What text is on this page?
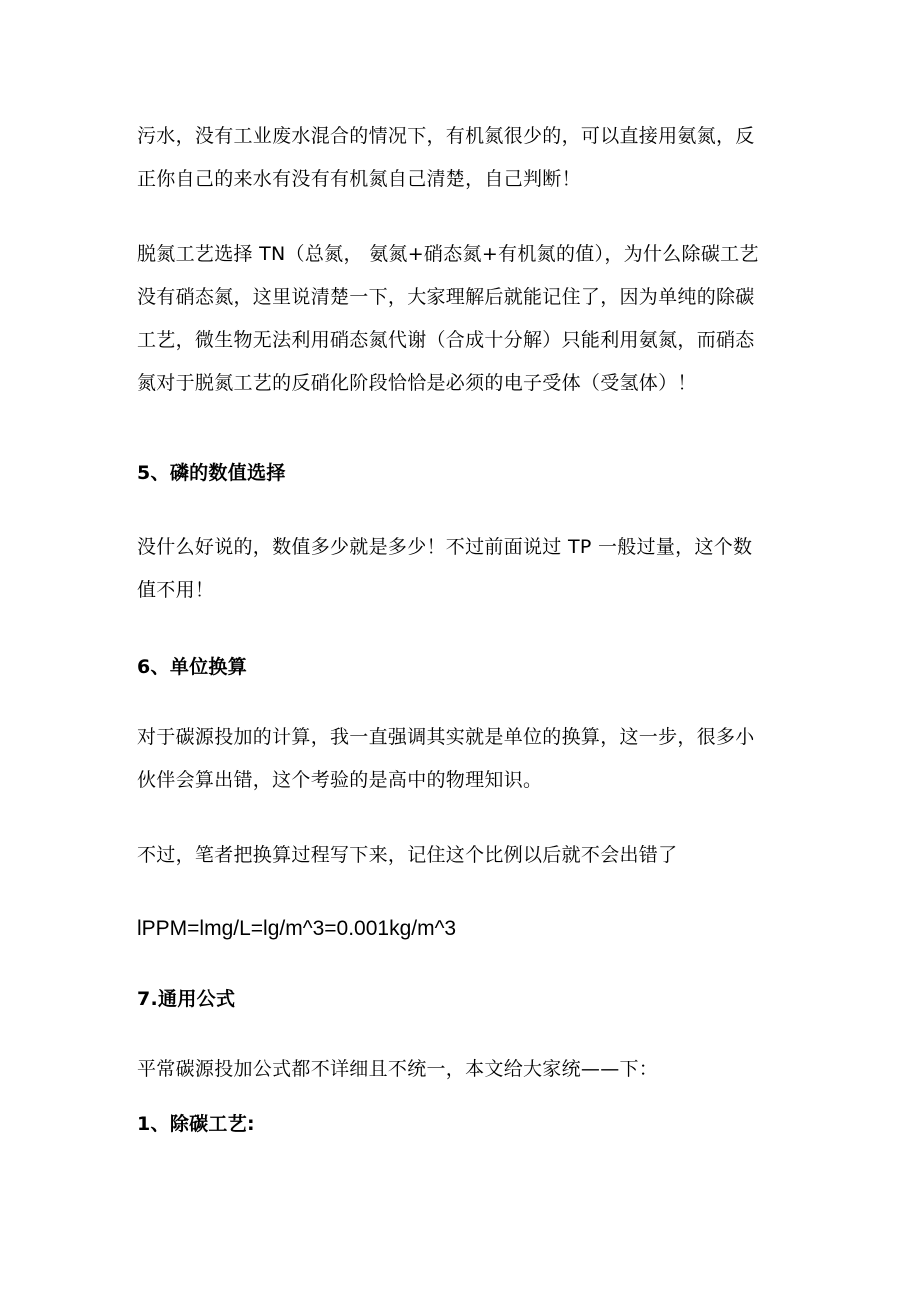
污水，没有工业废水混合的情况下，有机氮很少的，可以直接用氨氮，反
正你自己的来水有没有有机氮自己清楚，自己判断！

脱氮工艺选择 TN（总氮， 氨氮+硝态氮+有机氮的值），为什么除碳工艺
没有硝态氮，这里说清楚一下，大家理解后就能记住了，因为单纯的除碳
工艺，微生物无法利用硝态氮代谢（合成十分解）只能利用氨氮，而硝态
氮对于脱氮工艺的反硝化阶段恰恰是必须的电子受体（受氢体）！

5、磷的数值选择

没什么好说的，数值多少就是多少！不过前面说过 TP 一般过量，这个数
值不用！

6、单位换算

对于碳源投加的计算，我一直强调其实就是单位的换算，这一步，很多小
伙伴会算出错，这个考验的是高中的物理知识。

不过，笔者把换算过程写下来，记住这个比例以后就不会出错了

lPPM=lmg/L=lg/m^3=0.001kg/m^3

7.通用公式

平常碳源投加公式都不详细且不统一，本文给大家统——下：

1、除碳工艺:
